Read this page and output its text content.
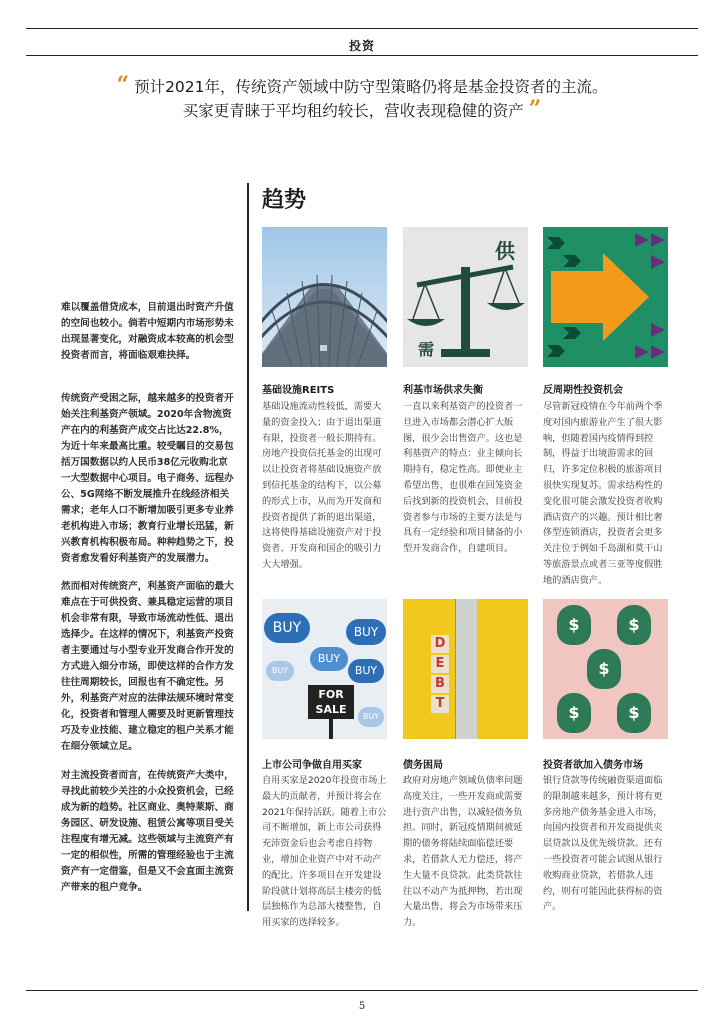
投资
“ 预计2021年，传统资产领域中防守型策略仍将是基金投资者的主流。
买家更青睐于平均租约较长，营收表现稳健的资产 ”
趋势
难以覆盖借贷成本，目前退出时资产升值的空间也较小。倘若中短期内市场形势未出现显著变化，对融资成本较高的机会型投资者而言，将面临艰难抉择。
传统资产受困之际，越来越多的投资者开始关注利基资产领域。2020年含物流资产在内的利基资产成交占比达22.8%，为近十年来最高比重。较受瞩目的交易包括万国数据以约人民币38亿元收购北京一大型数据中心项目。电子商务、远程办公、5G网络不断发展推升在线经济相关需求；老年人口不断增加吸引更多专业养老机构进入市场；教育行业增长迅猛，新兴教育机构积极布局。种种趋势之下，投资者愈发看好利基资产的发展潜力。
然而相对传统资产，利基资产面临的最大难点在于可供投资、兼具稳定运营的项目机会非常有限，导致市场流动性低、退出选择少。在这样的情况下，利基资产投资者主要通过与小型专业开发商合作开发的方式进入细分市场，即使这样的合作方发往往周期较长，回报也有不确定性。另外，利基资产对应的法律法规环境时常变化，投资者和管理人需要及时更新管理技巧及专业技能、建立稳定的租户关系才能在细分领域立足。
对主流投资者而言，在传统资产大类中，寻找此前较少关注的小众投资机会，已经成为新的趋势。社区商业、奥特莱斯、商务园区、研发设施、租赁公寓等项目受关注程度有增无减。这些领域与主流资产有一定的相似性，所需的管理经验也于主流资产有一定借鉴，但是又不会直面主流资产带来的租户竞争。
供
需
基础设施REITS
基础设施流动性较低，需要大量的资金投入；由于退出渠道有限，投资者一般长期持有。房地产投资信托基金的出现可以让投资者将基础设施资产放到信托基金的结构下，以公募的形式上市，从而为开发商和投资者提供了新的退出渠道，这将使得基础设施资产对于投资者、开发商和国企的吸引力大大增强。
利基市场供求失衡
一直以来利基资产的投资者一旦进入市场都会潜心扩大版图，很少会出售资产。这也是利基资产的特点：业主倾向长期持有，稳定性高。即便业主希望出售，也很难在回笼资金后找到新的投资机会，目前投资者参与市场的主要方法是与具有一定经验和项目储备的小型开发商合作，自建项目。
反周期性投资机会
尽管新冠疫情在今年前两个季度对国内旅游业产生了很大影响，但随着国内疫情得到控制，得益于出境游需求的回归，许多定位积极的旅游项目很快实现复苏。需求结构性的变化很可能会激发投资者收购酒店资产的兴趣。预计相比奢侈型连锁酒店，投资者会更多关注位于例如千岛湖和莫干山等旅游景点或者三亚等度假胜地的酒店资产。
BUY	BUY
BUY
BUY
BUY
BUY
FOR
SALE
D
E
B
T
$	$
$
$	$
上市公司争做自用买家
自用买家是2020年投资市场上最大的贡献者，并预计将会在2021年保持活跃。随着上市公司不断增加，新上市公司获得充沛资金后也会考虑自持物业，增加企业资产中对不动产的配比。许多项目在开发建设阶段就计划将高层主楼旁的低层独栋作为总部大楼整售，自用买家的选择较多。
债务困局
政府对房地产领域负债率问题高度关注，一些开发商或需要进行资产出售，以减轻债务负担。同时，新冠疫情期间被延期的债务将陆续面临偿还要求，若借款人无力偿还，将产生大量不良贷款。此类贷款往往以不动产为抵押物，若出现大量出售，将会为市场带来压力。
投资者欲加入债务市场
银行贷款等传统融资渠道面临的限制越来越多，预计将有更多房地产债务基金进入市场，向国内投资者和开发商提供夹层贷款以及优先级贷款。还有一些投资者可能会试图从银行收购商业贷款，若借款人违约，则有可能因此获得标的资产。
5
